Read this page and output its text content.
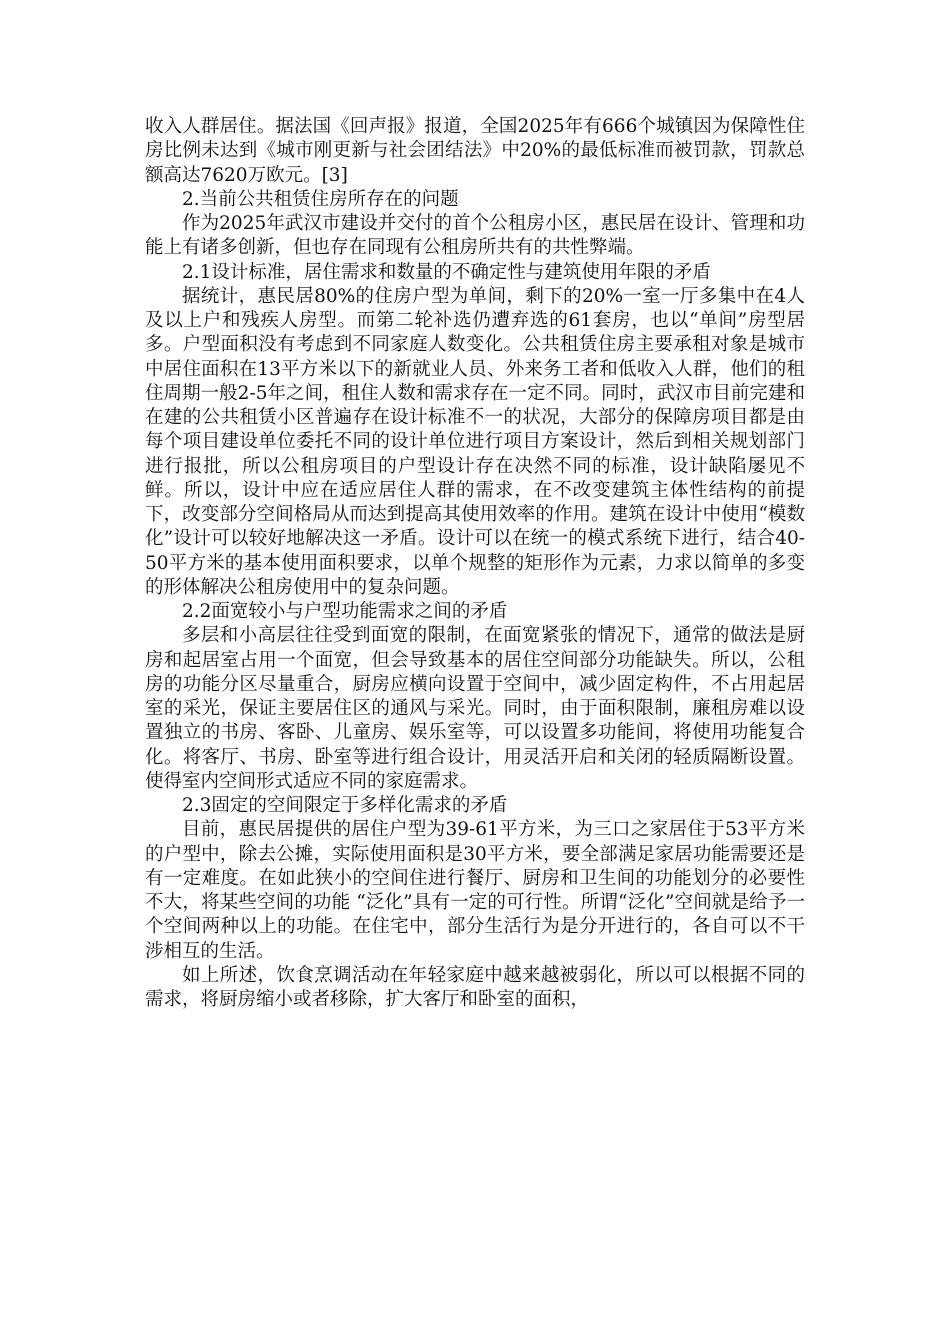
收入人群居住。据法国《回声报》报道，全国2025年有666个城镇因为保障性住房比例未达到《城市刚更新与社会团结法》中20%的最低标准而被罚款，罚款总额高达7620万欧元。[3]

2.当前公共租赁住房所存在的问题

作为2025年武汉市建设并交付的首个公租房小区，惠民居在设计、管理和功能上有诸多创新，但也存在同现有公租房所共有的共性弊端。

2.1设计标准，居住需求和数量的不确定性与建筑使用年限的矛盾

据统计，惠民居80%的住房户型为单间，剩下的20%一室一厅多集中在4人及以上户和残疾人房型。而第二轮补选仍遭弃选的61套房，也以“单间”房型居多。户型面积没有考虑到不同家庭人数变化。公共租赁住房主要承租对象是城市中居住面积在13平方米以下的新就业人员、外来务工者和低收入人群，他们的租住周期一般2-5年之间，租住人数和需求存在一定不同。同时，武汉市目前完建和在建的公共租赁小区普遍存在设计标准不一的状况，大部分的保障房项目都是由每个项目建设单位委托不同的设计单位进行项目方案设计，然后到相关规划部门进行报批，所以公租房项目的户型设计存在决然不同的标准，设计缺陷屡见不鲜。所以，设计中应在适应居住人群的需求，在不改变建筑主体性结构的前提下，改变部分空间格局从而达到提高其使用效率的作用。建筑在设计中使用“模数化”设计可以较好地解决这一矛盾。设计可以在统一的模式系统下进行，结合40-50平方米的基本使用面积要求，以单个规整的矩形作为元素，力求以简单的多变的形体解决公租房使用中的复杂问题。

2.2面宽较小与户型功能需求之间的矛盾

多层和小高层往往受到面宽的限制，在面宽紧张的情况下，通常的做法是厨房和起居室占用一个面宽，但会导致基本的居住空间部分功能缺失。所以，公租房的功能分区尽量重合，厨房应横向设置于空间中，减少固定构件，不占用起居室的采光，保证主要居住区的通风与采光。同时，由于面积限制，廉租房难以设置独立的书房、客卧、儿童房、娱乐室等，可以设置多功能间，将使用功能复合化。将客厅、书房、卧室等进行组合设计，用灵活开启和关闭的轻质隔断设置。使得室内空间形式适应不同的家庭需求。

2.3固定的空间限定于多样化需求的矛盾

目前，惠民居提供的居住户型为39-61平方米，为三口之家居住于53平方米的户型中，除去公摊，实际使用面积是30平方米，要全部满足家居功能需要还是有一定难度。在如此狭小的空间住进行餐厅、厨房和卫生间的功能划分的必要性不大，将某些空间的功能 “泛化”具有一定的可行性。所谓“泛化”空间就是给予一个空间两种以上的功能。在住宅中，部分生活行为是分开进行的，各自可以不干涉相互的生活。

如上所述，饮食烹调活动在年轻家庭中越来越被弱化，所以可以根据不同的需求，将厨房缩小或者移除，扩大客厅和卧室的面积，
